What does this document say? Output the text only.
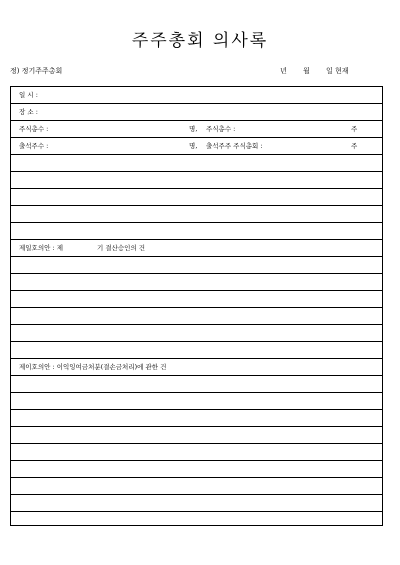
주주총회 의사록
정) 정기주주총회	년 월 일 현재
일 시 :
장 소 :
주식총수 :	명, 주식총수 :	주
출석주수 :	명, 출석주주 주식총회 :	주
제일호의안 : 제	기 결산승인의 건
제이호의안 : 이익잉여금처분(결손금처리)에 관한 건
